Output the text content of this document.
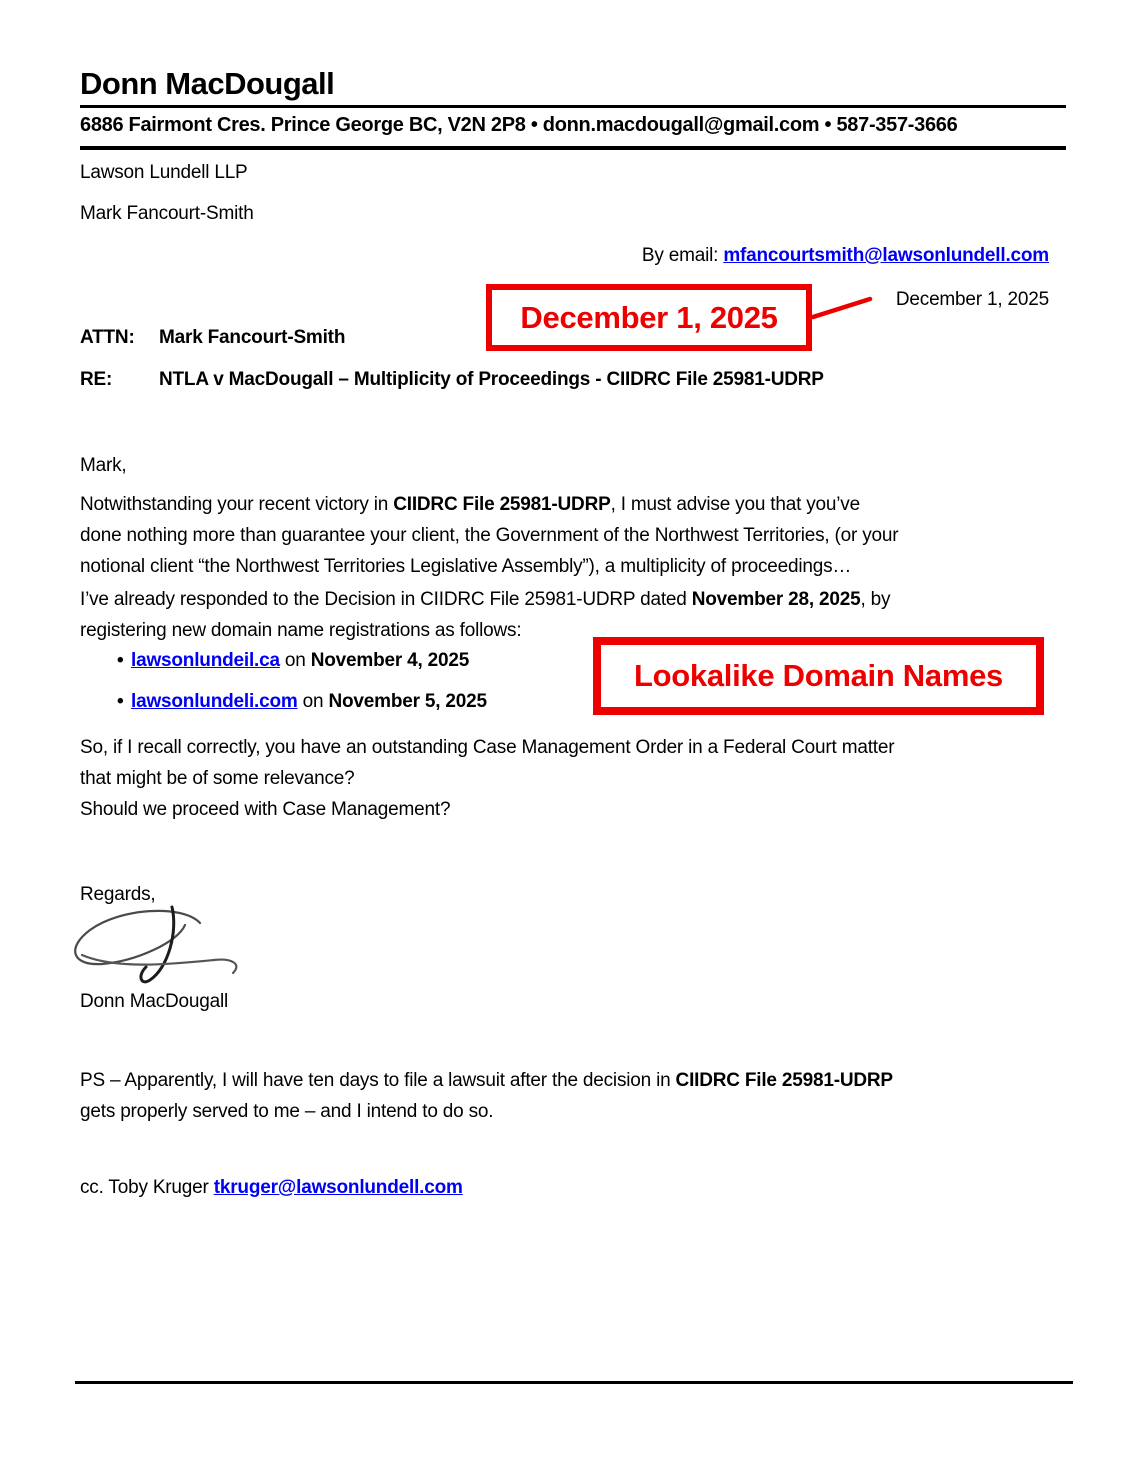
Donn MacDougall
6886 Fairmont Cres. Prince George BC, V2N 2P8 • donn.macdougall@gmail.com • 587-357-3666
Lawson Lundell LLP
Mark Fancourt-Smith
By email: mfancourtsmith@lawsonlundell.com
December 1, 2025
December 1, 2025
ATTN:	Mark Fancourt-Smith
RE:	NTLA v MacDougall – Multiplicity of Proceedings - CIIDRC File 25981-UDRP
Mark,
Notwithstanding your recent victory in CIIDRC File 25981-UDRP, I must advise you that you’ve
done nothing more than guarantee your client, the Government of the Northwest Territories, (or your
notional client “the Northwest Territories Legislative Assembly”), a multiplicity of proceedings…
I’ve already responded to the Decision in CIIDRC File 25981-UDRP dated November 28, 2025, by
registering new domain name registrations as follows:
• lawsonlundeil.ca on November 4, 2025
• lawsonlundeli.com on November 5, 2025
Lookalike Domain Names
So, if I recall correctly, you have an outstanding Case Management Order in a Federal Court matter
that might be of some relevance?
Should we proceed with Case Management?
Regards,
Donn MacDougall
PS – Apparently, I will have ten days to file a lawsuit after the decision in CIIDRC File 25981-UDRP
gets properly served to me – and I intend to do so.
cc. Toby Kruger tkruger@lawsonlundell.com
